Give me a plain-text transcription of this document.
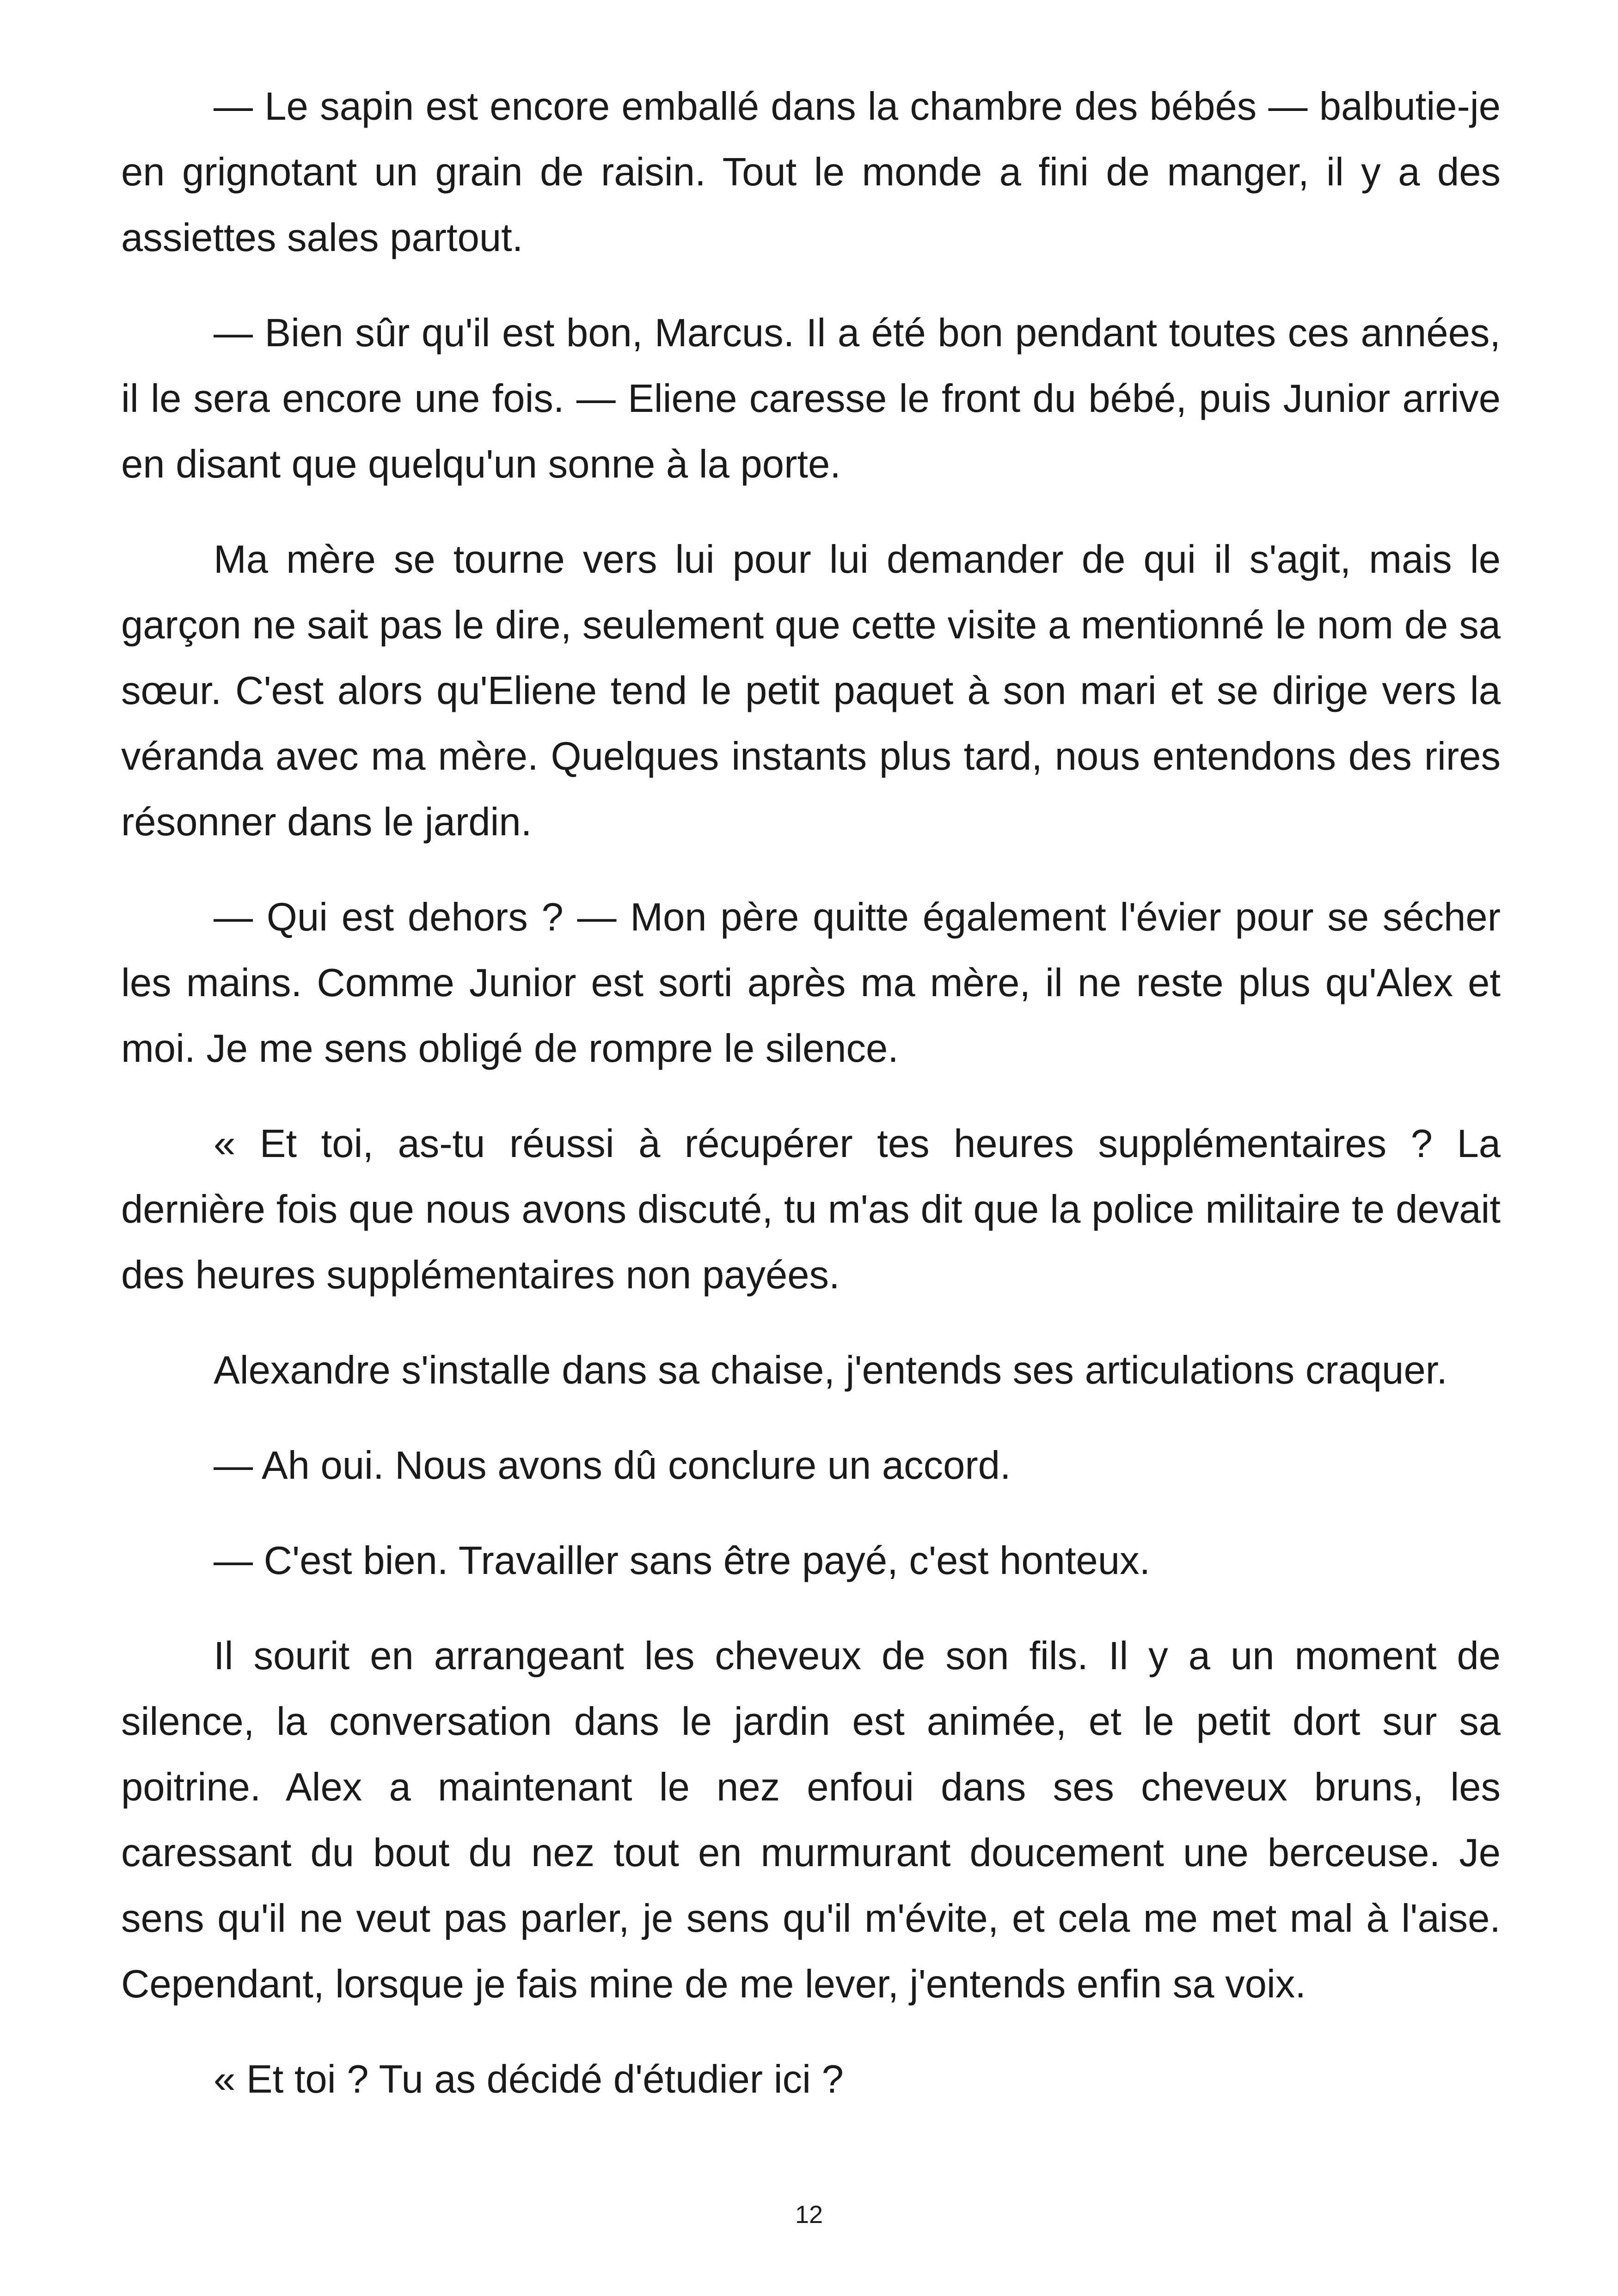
— Le sapin est encore emballé dans la chambre des bébés — balbutie-je en grignotant un grain de raisin. Tout le monde a fini de manger, il y a des assiettes sales partout.

— Bien sûr qu'il est bon, Marcus. Il a été bon pendant toutes ces années, il le sera encore une fois. — Eliene caresse le front du bébé, puis Junior arrive en disant que quelqu'un sonne à la porte.

Ma mère se tourne vers lui pour lui demander de qui il s'agit, mais le garçon ne sait pas le dire, seulement que cette visite a mentionné le nom de sa sœur. C'est alors qu'Eliene tend le petit paquet à son mari et se dirige vers la véranda avec ma mère. Quelques instants plus tard, nous entendons des rires résonner dans le jardin.

— Qui est dehors ? — Mon père quitte également l'évier pour se sécher les mains. Comme Junior est sorti après ma mère, il ne reste plus qu'Alex et moi. Je me sens obligé de rompre le silence.

« Et toi, as-tu réussi à récupérer tes heures supplémentaires ? La dernière fois que nous avons discuté, tu m'as dit que la police militaire te devait des heures supplémentaires non payées.

Alexandre s'installe dans sa chaise, j'entends ses articulations craquer.

— Ah oui. Nous avons dû conclure un accord.

— C'est bien. Travailler sans être payé, c'est honteux.

Il sourit en arrangeant les cheveux de son fils. Il y a un moment de silence, la conversation dans le jardin est animée, et le petit dort sur sa poitrine. Alex a maintenant le nez enfoui dans ses cheveux bruns, les caressant du bout du nez tout en murmurant doucement une berceuse. Je sens qu'il ne veut pas parler, je sens qu'il m'évite, et cela me met mal à l'aise. Cependant, lorsque je fais mine de me lever, j'entends enfin sa voix.

« Et toi ? Tu as décidé d'étudier ici ?

12
